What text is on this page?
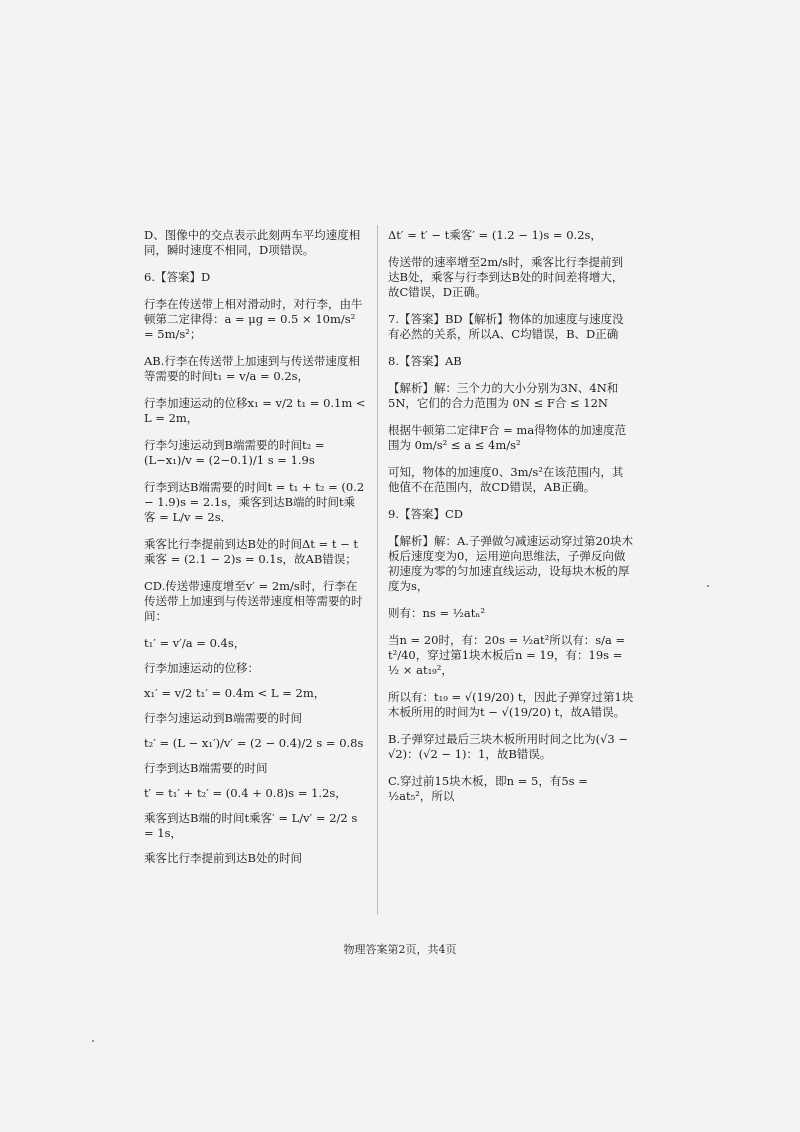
D、图像中的交点表示此刻两车平均速度相同，瞬时速度不相同，D项错误。

6.【答案】D

行李在传送带上相对滑动时，对行李，由牛顿第二定律得：a = μg = 0.5 × 10m/s² = 5m/s²；

AB.行李在传送带上加速到与传送带速度相等需要的时间t₁ = v/a = 0.2s，

行李加速运动的位移x₁ = v/2 t₁ = 0.1m < L = 2m，

行李匀速运动到B端需要的时间t₂ = (L−x₁)/v = (2−0.1)/1 s = 1.9s

行李到达B端需要的时间t = t₁ + t₂ = (0.2 − 1.9)s = 2.1s，乘客到达B端的时间t乘客 = L/v = 2s．

乘客比行李提前到达B处的时间Δt = t − t乘客 = (2.1 − 2)s = 0.1s，故AB错误；

CD.传送带速度增至v′ = 2m/s时，行李在传送带上加速到与传送带速度相等需要的时间：

t₁′ = v′/a = 0.4s，

行李加速运动的位移：

x₁′ = v/2 t₁′ = 0.4m < L = 2m，

行李匀速运动到B端需要的时间

t₂′ = (L − x₁′)/v′ = (2 − 0.4)/2 s = 0.8s

行李到达B端需要的时间

t′ = t₁′ + t₂′ = (0.4 + 0.8)s = 1.2s，

乘客到达B端的时间t乘客′ = L/v′ = 2/2 s = 1s，

乘客比行李提前到达B处的时间

Δt′ = t′ − t乘客′ = (1.2 − 1)s = 0.2s，

传送带的速率增至2m/s时，乘客比行李提前到达B处，乘客与行李到达B处的时间差将增大，故C错误，D正确。

7.【答案】BD【解析】物体的加速度与速度没有必然的关系，所以A、C均错误，B、D正确

8.【答案】AB

【解析】解：三个力的大小分别为3N、4N和5N，它们的合力范围为 0N ≤ F合 ≤ 12N

根据牛顿第二定律F合 = ma得物体的加速度范围为 0m/s² ≤ a ≤ 4m/s²

可知，物体的加速度0、3m/s²在该范围内，其他值不在范围内，故CD错误，AB正确。

9.【答案】CD

【解析】解：A.子弹做匀减速运动穿过第20块木板后速度变为0，运用逆向思维法，子弹反向做初速度为零的匀加速直线运动，设每块木板的厚度为s，

则有：ns = ½atₙ²

当n = 20时，有：20s = ½at²所以有：s/a = t²/40，穿过第1块木板后n = 19，有：19s = ½ × at₁₉²，

所以有：t₁₉ = √(19/20) t，因此子弹穿过第1块木板所用的时间为t − √(19/20) t，故A错误。

B.子弹穿过最后三块木板所用时间之比为(√3 − √2)：(√2 − 1)：1，故B错误。

C.穿过前15块木板，即n = 5，有5s = ½at₅²，所以

物理答案第2页，共4页
